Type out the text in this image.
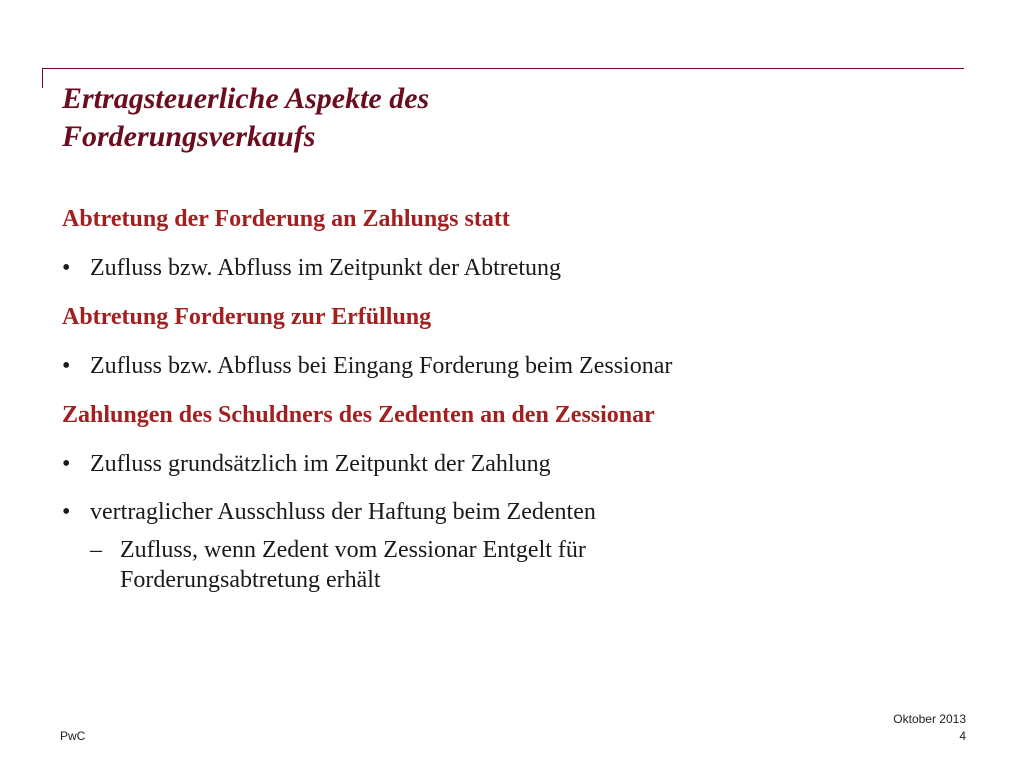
Ertragsteuerliche Aspekte des
Forderungsverkaufs

Abtretung der Forderung an Zahlungs statt

• Zufluss bzw. Abfluss im Zeitpunkt der Abtretung

Abtretung Forderung zur Erfüllung

• Zufluss bzw. Abfluss bei Eingang Forderung beim Zessionar

Zahlungen des Schuldners des Zedenten an den Zessionar

• Zufluss grundsätzlich im Zeitpunkt der Zahlung

• vertraglicher Ausschluss der Haftung beim Zedenten

– Zufluss, wenn Zedent vom Zessionar Entgelt für
Forderungsabtretung erhält

PwC
Oktober 2013
4
